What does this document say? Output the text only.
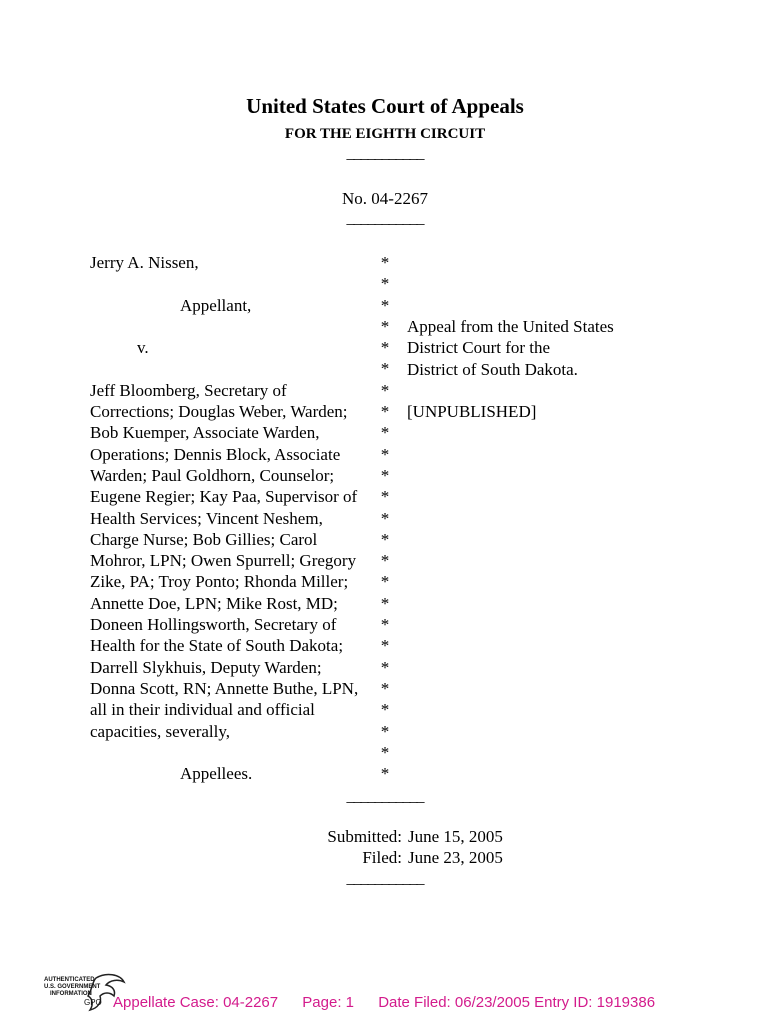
United States Court of Appeals
FOR THE EIGHTH CIRCUIT
___________
No. 04-2267
___________
Jerry A. Nissen,

Appellant,

v.

Jeff Bloomberg, Secretary of
Corrections; Douglas Weber, Warden;
Bob Kuemper, Associate Warden,
Operations; Dennis Block, Associate
Warden; Paul Goldhorn, Counselor;
Eugene Regier; Kay Paa, Supervisor of
Health Services; Vincent Neshem,
Charge Nurse; Bob Gillies; Carol
Mohror, LPN; Owen Spurrell; Gregory
Zike, PA; Troy Ponto; Rhonda Miller;
Annette Doe, LPN; Mike Rost, MD;
Doneen Hollingsworth, Secretary of
Health for the State of South Dakota;
Darrell Slykhuis, Deputy Warden;
Donna Scott, RN; Annette Buthe, LPN,
all in their individual and official
capacities, severally,

Appellees.
*
*
*
*
*
*
*
*
*
*
*
*
*
*
*
*
*
*
*
*
*
*
*
*
*
Appeal from the United States
District Court for the
District of South Dakota.

[UNPUBLISHED]
___________
Submitted: June 15, 2005
Filed: June 23, 2005
___________
AUTHENTICATED
U.S. GOVERNMENT
INFORMATION
GPO Appellate Case: 04-2267 Page: 1 Date Filed: 06/23/2005 Entry ID: 1919386
